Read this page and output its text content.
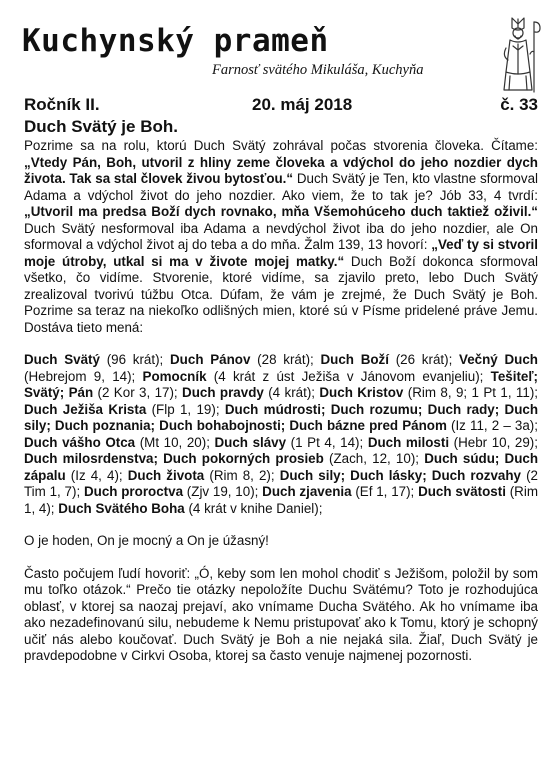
Kuchynský prameň
Farnosť svätého Mikuláša, Kuchyňa
Ročník II.	20. máj 2018	č. 33
Duch Svätý je Boh.

Pozrime sa na rolu, ktorú Duch Svätý zohrával počas stvorenia človeka. Čítame: „Vtedy Pán, Boh, utvoril z hliny zeme človeka a vdýchol do jeho nozdier dych života. Tak sa stal človek živou bytosťou.“ Duch Svätý je Ten, kto vlastne sformoval Adama a vdýchol život do jeho nozdier. Ako viem, že to tak je? Jób 33, 4 tvrdí: „Utvoril ma predsa Boží dych rovnako, mňa Všemohúceho duch taktiež oživil.“ Duch Svätý nesformoval iba Adama a nevdýchol život iba do jeho nozdier, ale On sformoval a vdýchol život aj do teba a do mňa. Žalm 139, 13 hovorí: „Veď ty si stvoril moje útroby, utkal si ma v živote mojej matky.“ Duch Boží dokonca sformoval všetko, čo vidíme. Stvorenie, ktoré vidíme, sa zjavilo preto, lebo Duch Svätý zrealizoval tvorivú túžbu Otca. Dúfam, že vám je zrejmé, že Duch Svätý je Boh. Pozrime sa teraz na niekoľko odlišných mien, ktoré sú v Písme pridelené práve Jemu. Dostáva tieto mená:

Duch Svätý (96 krát); Duch Pánov (28 krát); Duch Boží (26 krát); Večný Duch (Hebrejom 9, 14); Pomocník (4 krát z úst Ježiša v Jánovom evanjeliu); Tešiteľ; Svätý; Pán (2 Kor 3, 17); Duch pravdy (4 krát); Duch Kristov (Rim 8, 9; 1 Pt 1, 11); Duch Ježiša Krista (Flp 1, 19); Duch múdrosti; Duch rozumu; Duch rady; Duch sily; Duch poznania; Duch bohabojnosti; Duch bázne pred Pánom (Iz 11, 2 – 3a); Duch vášho Otca (Mt 10, 20); Duch slávy (1 Pt 4, 14); Duch milosti (Hebr 10, 29); Duch milosrdenstva; Duch pokorných prosieb (Zach, 12, 10); Duch súdu; Duch zápalu (Iz 4, 4); Duch života (Rim 8, 2); Duch sily; Duch lásky; Duch rozvahy (2 Tim 1, 7); Duch proroctva (Zjv 19, 10); Duch zjavenia (Ef 1, 17); Duch svätosti (Rim 1, 4); Duch Svätého Boha (4 krát v knihe Daniel);

O je hoden, On je mocný a On je úžasný!

Často počujem ľudí hovoriť: „Ó, keby som len mohol chodiť s Ježišom, položil by som mu toľko otázok.“ Prečo tie otázky nepoložíte Duchu Svätému? Toto je rozhodujúca oblasť, v ktorej sa naozaj prejaví, ako vnímame Ducha Svätého. Ak ho vnímame iba ako nezadefinovanú silu, nebudeme k Nemu pristupovať ako k Tomu, ktorý je schopný učiť nás alebo koučovať. Duch Svätý je Boh a nie nejaká sila. Žiaľ, Duch Svätý je pravdepodobne v Cirkvi Osoba, ktorej sa často venuje najmenej pozornosti.
